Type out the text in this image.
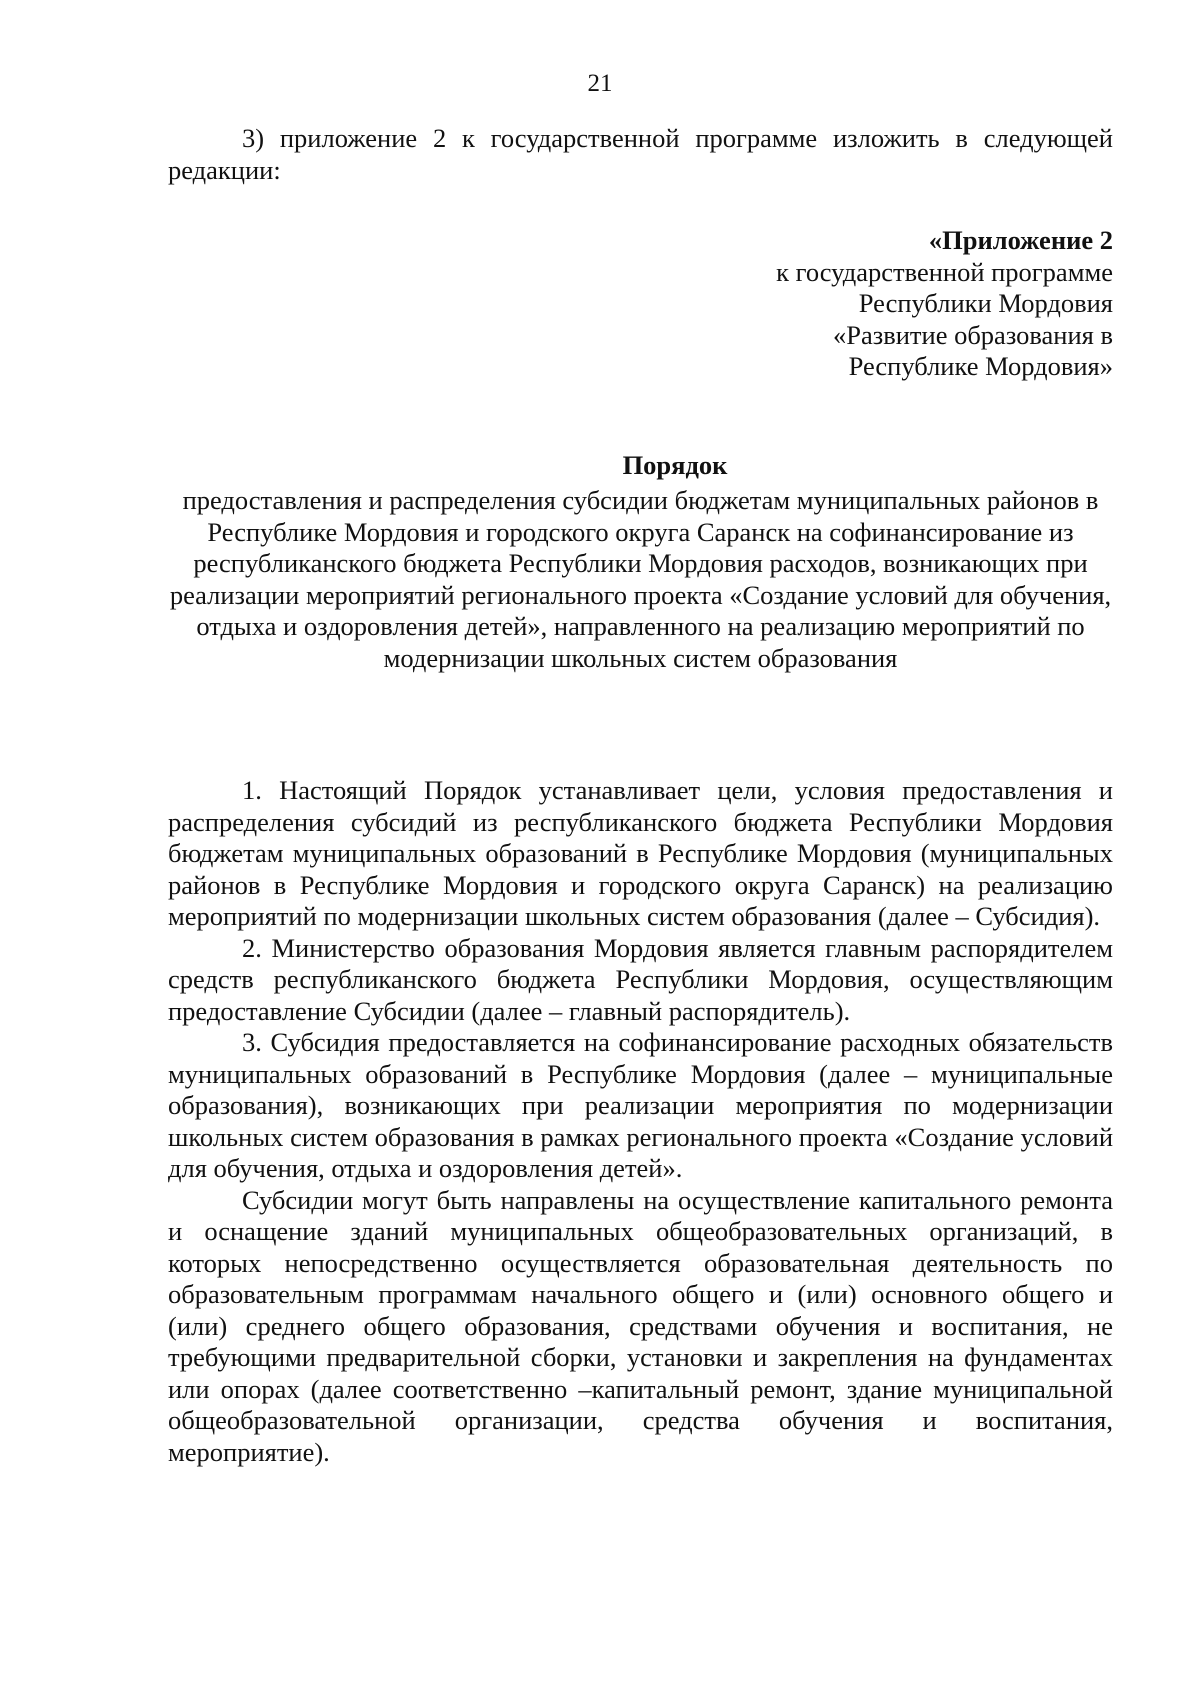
21

3) приложение 2 к государственной программе изложить в следующей редакции:

«Приложение 2
к государственной программе
Республики Мордовия
«Развитие образования в
Республике Мордовия»
Порядок

предоставления и распределения субсидии бюджетам муниципальных районов в Республике Мордовия и городского округа Саранск на софинансирование из республиканского бюджета Республики Мордовия расходов, возникающих при реализации мероприятий регионального проекта «Создание условий для обучения, отдыха и оздоровления детей», направленного на реализацию мероприятий по модернизации школьных систем образования

1. Настоящий Порядок устанавливает цели, условия предоставления и распределения субсидий из республиканского бюджета Республики Мордовия бюджетам муниципальных образований в Республике Мордовия (муниципальных районов в Республике Мордовия и городского округа Саранск) на реализацию мероприятий по модернизации школьных систем образования (далее – Субсидия).

2. Министерство образования Мордовия является главным распорядителем средств республиканского бюджета Республики Мордовия, осуществляющим предоставление Субсидии (далее – главный распорядитель).

3. Субсидия предоставляется на софинансирование расходных обязательств муниципальных образований в Республике Мордовия (далее – муниципальные образования), возникающих при реализации мероприятия по модернизации школьных систем образования в рамках регионального проекта «Создание условий для обучения, отдыха и оздоровления детей».

Субсидии могут быть направлены на осуществление капитального ремонта и оснащение зданий муниципальных общеобразовательных организаций, в которых непосредственно осуществляется образовательная деятельность по образовательным программам начального общего и (или) основного общего и (или) среднего общего образования, средствами обучения и воспитания, не требующими предварительной сборки, установки и закрепления на фундаментах или опорах (далее соответственно –капитальный ремонт, здание муниципальной общеобразовательной организации, средства обучения и воспитания, мероприятие).
